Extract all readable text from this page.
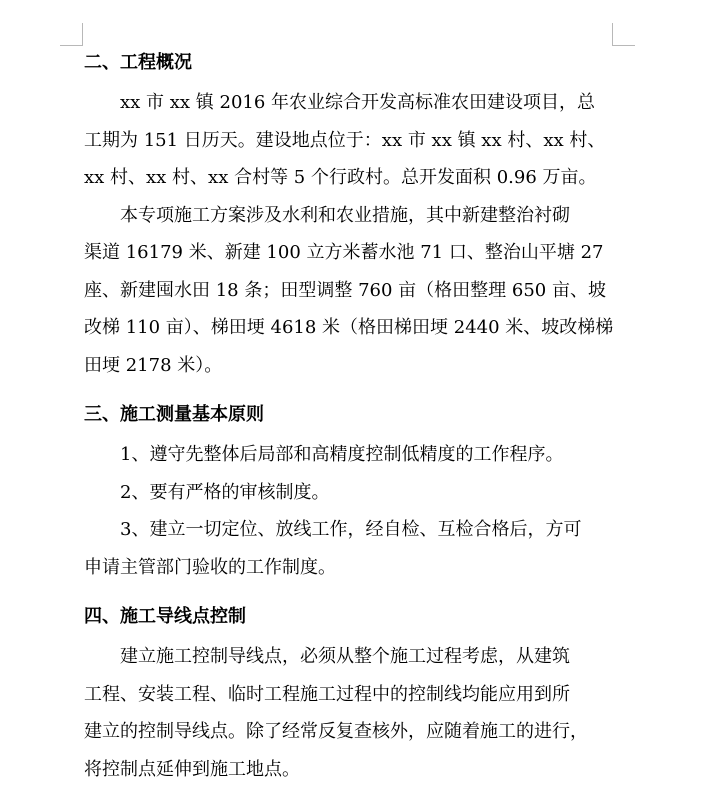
二、工程概况

xx 市 xx 镇 2016 年农业综合开发高标准农田建设项目，总
工期为 151 日历天。建设地点位于：xx 市 xx 镇 xx 村、xx 村、
xx 村、xx 村、xx 合村等 5 个行政村。总开发面积 0.96 万亩。

本专项施工方案涉及水利和农业措施，其中新建整治衬砌
渠道 16179 米、新建 100 立方米蓄水池 71 口、整治山平塘 27
座、新建囤水田 18 条；田型调整 760 亩（格田整理 650 亩、坡
改梯 110 亩）、梯田埂 4618 米（格田梯田埂 2440 米、坡改梯梯
田埂 2178 米）。

三、施工测量基本原则

1、遵守先整体后局部和高精度控制低精度的工作程序。

2、要有严格的审核制度。

3、建立一切定位、放线工作，经自检、互检合格后，方可
申请主管部门验收的工作制度。

四、施工导线点控制

建立施工控制导线点，必须从整个施工过程考虑，从建筑
工程、安装工程、临时工程施工过程中的控制线均能应用到所
建立的控制导线点。除了经常反复查核外，应随着施工的进行，
将控制点延伸到施工地点。
